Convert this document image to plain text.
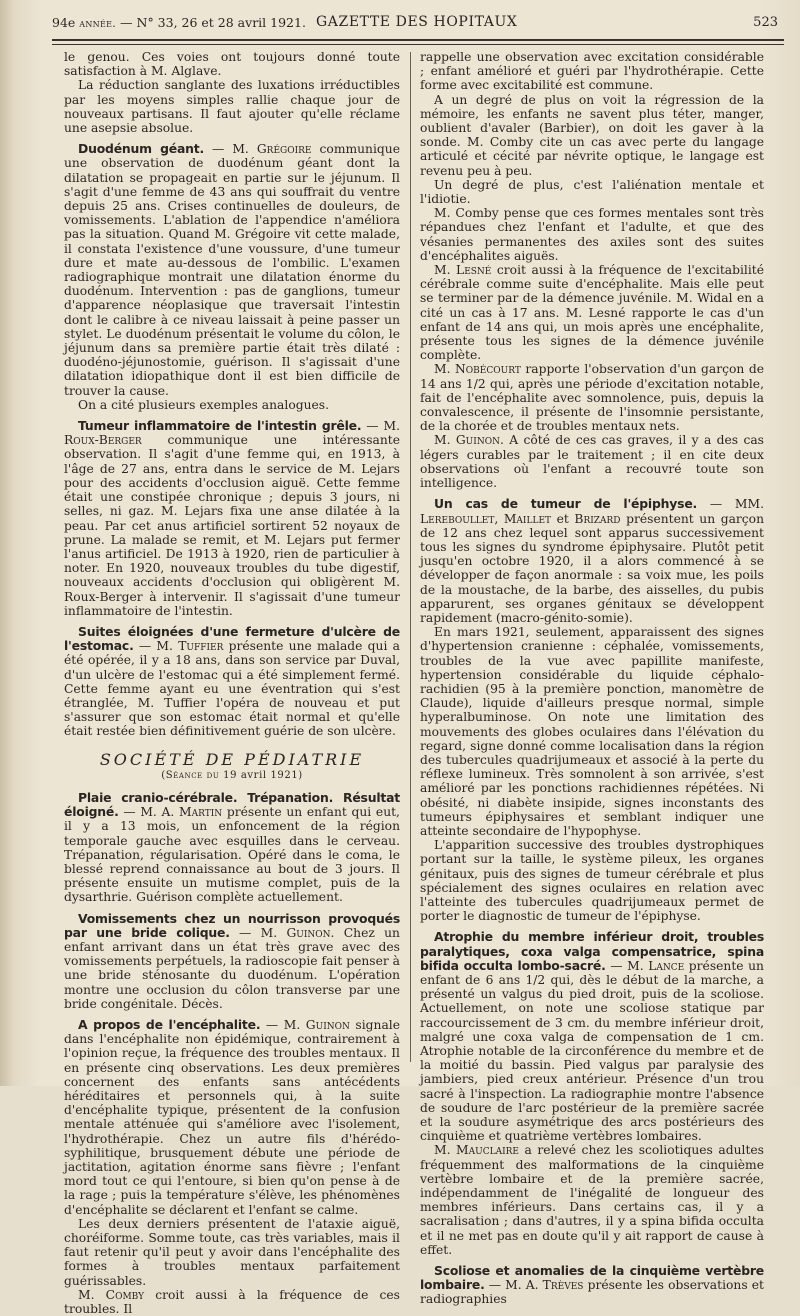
94e année. — N° 33, 26 et 28 avril 1921. GAZETTE DES HOPITAUX	523

le genou. Ces voies ont toujours donné toute satisfaction à M. Alglave.

La réduction sanglante des luxations irréductibles par les moyens simples rallie chaque jour de nouveaux partisans. Il faut ajouter qu'elle réclame une asepsie absolue.

Duodénum géant. — M. Grégoire communique une observation de duodénum géant dont la dilatation se propageait en partie sur le jéjunum. Il s'agit d'une femme de 43 ans qui souffrait du ventre depuis 25 ans. Crises continuelles de douleurs, de vomissements. L'ablation de l'appendice n'améliora pas la situation. Quand M. Grégoire vit cette malade, il constata l'existence d'une voussure, d'une tumeur dure et mate au-dessous de l'ombilic. L'examen radiographique montrait une dilatation énorme du duodénum. Intervention : pas de ganglions, tumeur d'apparence néoplasique que traversait l'intestin dont le calibre à ce niveau laissait à peine passer un stylet. Le duodénum présentait le volume du côlon, le jéjunum dans sa première partie était très dilaté : duodéno-jéjunostomie, guérison. Il s'agissait d'une dilatation idiopathique dont il est bien difficile de trouver la cause.

On a cité plusieurs exemples analogues.

Tumeur inflammatoire de l'intestin grêle. — M. Roux-Berger communique une intéressante observation. Il s'agit d'une femme qui, en 1913, à l'âge de 27 ans, entra dans le service de M. Lejars pour des accidents d'occlusion aiguë. Cette femme était une constipée chronique ; depuis 3 jours, ni selles, ni gaz. M. Lejars fixa une anse dilatée à la peau. Par cet anus artificiel sortirent 52 noyaux de prune. La malade se remit, et M. Lejars put fermer l'anus artificiel. De 1913 à 1920, rien de particulier à noter. En 1920, nouveaux troubles du tube digestif, nouveaux accidents d'occlusion qui obligèrent M. Roux-Berger à intervenir. Il s'agissait d'une tumeur inflammatoire de l'intestin.

Suites éloignées d'une fermeture d'ulcère de l'estomac. — M. Tuffier présente une malade qui a été opérée, il y a 18 ans, dans son service par Duval, d'un ulcère de l'estomac qui a été simplement fermé. Cette femme ayant eu une éventration qui s'est étranglée, M. Tuffier l'opéra de nouveau et put s'assurer que son estomac était normal et qu'elle était restée bien définitivement guérie de son ulcère.

SOCIÉTÉ DE PÉDIATRIE
(Séance du 19 avril 1921)

Plaie cranio-cérébrale. Trépanation. Résultat éloigné. — M. A. Martin présente un enfant qui eut, il y a 13 mois, un enfoncement de la région temporale gauche avec esquilles dans le cerveau. Trépanation, régularisation. Opéré dans le coma, le blessé reprend connaissance au bout de 3 jours. Il présente ensuite un mutisme complet, puis de la dysarthrie. Guérison complète actuellement.

Vomissements chez un nourrisson provoqués par une bride colique. — M. Guinon. Chez un enfant arrivant dans un état très grave avec des vomissements perpétuels, la radioscopie fait penser à une bride sténosante du duodénum. L'opération montre une occlusion du côlon transverse par une bride congénitale. Décès.

A propos de l'encéphalite. — M. Guinon signale dans l'encéphalite non épidémique, contrairement à l'opinion reçue, la fréquence des troubles mentaux. Il en présente cinq observations. Les deux premières concernent des enfants sans antécédents héréditaires et personnels qui, à la suite d'encéphalite typique, présentent de la confusion mentale atténuée qui s'améliore avec l'isolement, l'hydrothérapie. Chez un autre fils d'hérédo-syphilitique, brusquement débute une période de jactitation, agitation énorme sans fièvre ; l'enfant mord tout ce qui l'entoure, si bien qu'on pense à de la rage ; puis la température s'élève, les phénomènes d'encéphalite se déclarent et l'enfant se calme.

Les deux derniers présentent de l'ataxie aiguë, choréiforme. Somme toute, cas très variables, mais il faut retenir qu'il peut y avoir dans l'encéphalite des formes à troubles mentaux parfaitement guérissables.

M. Comby croit aussi à la fréquence de ces troubles. Il

rappelle une observation avec excitation considérable ; enfant amélioré et guéri par l'hydrothérapie. Cette forme avec excitabilité est commune.

A un degré de plus on voit la régression de la mémoire, les enfants ne savent plus téter, manger, oublient d'avaler (Barbier), on doit les gaver à la sonde. M. Comby cite un cas avec perte du langage articulé et cécité par névrite optique, le langage est revenu peu à peu.

Un degré de plus, c'est l'aliénation mentale et l'idiotie.

M. Comby pense que ces formes mentales sont très répandues chez l'enfant et l'adulte, et que des vésanies permanentes des axiles sont des suites d'encéphalites aiguës.

M. Lesné croit aussi à la fréquence de l'excitabilité cérébrale comme suite d'encéphalite. Mais elle peut se terminer par de la démence juvénile. M. Widal en a cité un cas à 17 ans. M. Lesné rapporte le cas d'un enfant de 14 ans qui, un mois après une encéphalite, présente tous les signes de la démence juvénile complète.

M. Nobécourt rapporte l'observation d'un garçon de 14 ans 1/2 qui, après une période d'excitation notable, fait de l'encéphalite avec somnolence, puis, depuis la convalescence, il présente de l'insomnie persistante, de la chorée et de troubles mentaux nets.

M. Guinon. A côté de ces cas graves, il y a des cas légers curables par le traitement ; il en cite deux observations où l'enfant a recouvré toute son intelligence.

Un cas de tumeur de l'épiphyse. — MM. Lereboullet, Maillet et Brizard présentent un garçon de 12 ans chez lequel sont apparus successivement tous les signes du syndrome épiphysaire. Plutôt petit jusqu'en octobre 1920, il a alors commencé à se développer de façon anormale : sa voix mue, les poils de la moustache, de la barbe, des aisselles, du pubis apparurent, ses organes génitaux se développent rapidement (macro-génito-somie).

En mars 1921, seulement, apparaissent des signes d'hypertension cranienne : céphalée, vomissements, troubles de la vue avec papillite manifeste, hypertension considérable du liquide céphalo-rachidien (95 à la première ponction, manomètre de Claude), liquide d'ailleurs presque normal, simple hyperalbuminose. On note une limitation des mouvements des globes oculaires dans l'élévation du regard, signe donné comme localisation dans la région des tubercules quadrijumeaux et associé à la perte du réflexe lumineux. Très somnolent à son arrivée, s'est amélioré par les ponctions rachidiennes répétées. Ni obésité, ni diabète insipide, signes inconstants des tumeurs épiphysaires et semblant indiquer une atteinte secondaire de l'hypophyse.

L'apparition successive des troubles dystrophiques portant sur la taille, le système pileux, les organes génitaux, puis des signes de tumeur cérébrale et plus spécialement des signes oculaires en relation avec l'atteinte des tubercules quadrijumeaux permet de porter le diagnostic de tumeur de l'épiphyse.

Atrophie du membre inférieur droit, troubles paralytiques, coxa valga compensatrice, spina bifida occulta lombo-sacré. — M. Lance présente un enfant de 6 ans 1/2 qui, dès le début de la marche, a présenté un valgus du pied droit, puis de la scoliose. Actuellement, on note une scoliose statique par raccourcissement de 3 cm. du membre inférieur droit, malgré une coxa valga de compensation de 1 cm. Atrophie notable de la circonférence du membre et de la moitié du bassin. Pied valgus par paralysie des jambiers, pied creux antérieur. Présence d'un trou sacré à l'inspection. La radiographie montre l'absence de soudure de l'arc postérieur de la première sacrée et la soudure asymétrique des arcs postérieurs des cinquième et quatrième vertèbres lombaires.

M. Mauclaire a relevé chez les scoliotiques adultes fréquemment des malformations de la cinquième vertèbre lombaire et de la première sacrée, indépendamment de l'inégalité de longueur des membres inférieurs. Dans certains cas, il y a sacralisation ; dans d'autres, il y a spina bifida occulta et il ne met pas en doute qu'il y ait rapport de cause à effet.

Scoliose et anomalies de la cinquième vertèbre lombaire. — M. A. Trèves présente les observations et radiographies
